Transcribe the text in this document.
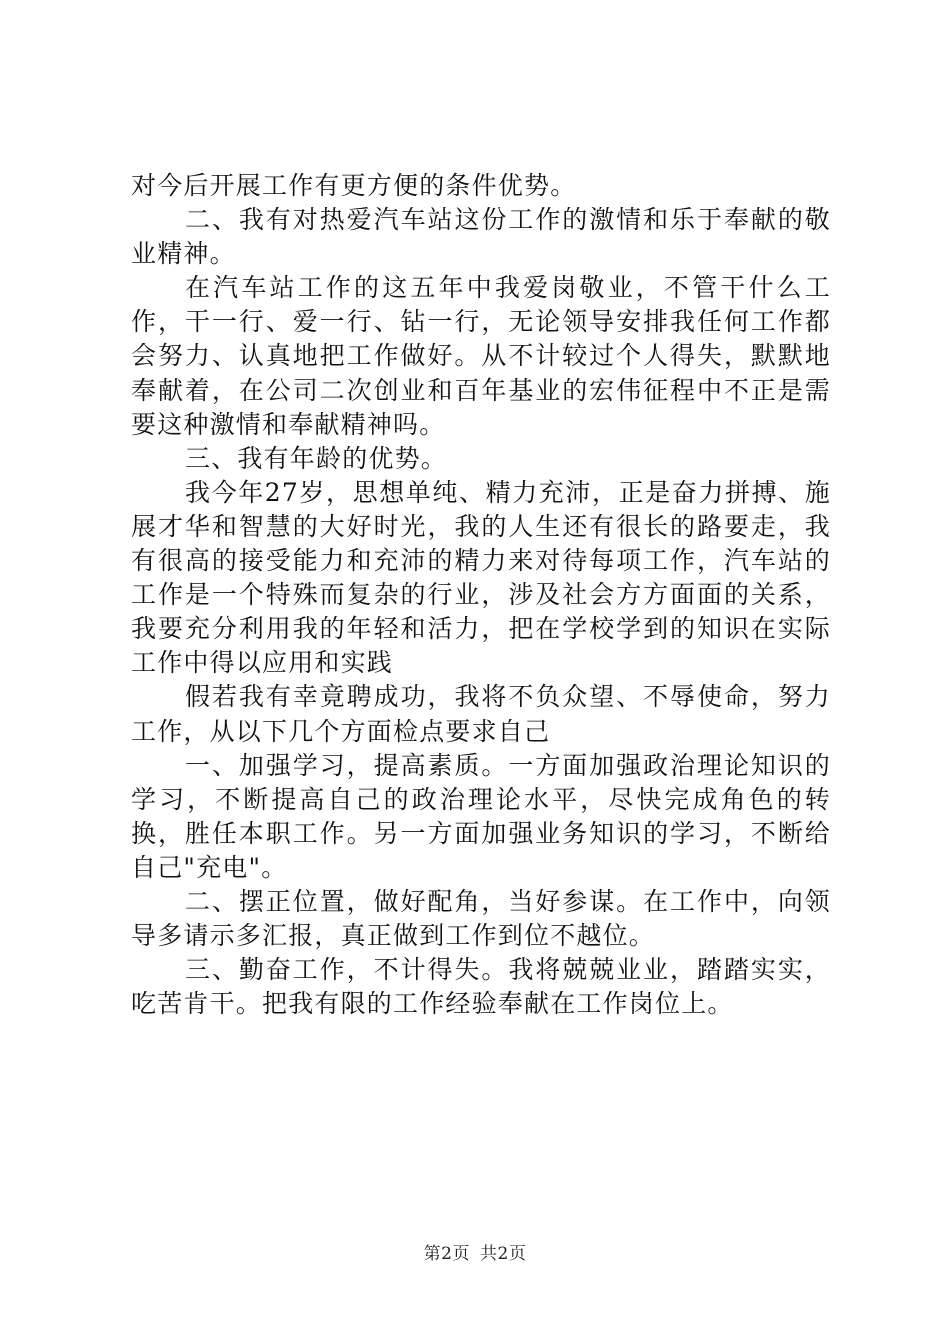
对今后开展工作有更方便的条件优势。

二、我有对热爱汽车站这份工作的激情和乐于奉献的敬业精神。

在汽车站工作的这五年中我爱岗敬业，不管干什么工作，干一行、爱一行、钻一行，无论领导安排我任何工作都会努力、认真地把工作做好。从不计较过个人得失，默默地奉献着，在公司二次创业和百年基业的宏伟征程中不正是需要这种激情和奉献精神吗。

三、我有年龄的优势。

我今年27岁，思想单纯、精力充沛，正是奋力拼搏、施展才华和智慧的大好时光，我的人生还有很长的路要走，我有很高的接受能力和充沛的精力来对待每项工作，汽车站的工作是一个特殊而复杂的行业，涉及社会方方面面的关系，我要充分利用我的年轻和活力，把在学校学到的知识在实际工作中得以应用和实践

假若我有幸竟聘成功，我将不负众望、不辱使命，努力工作，从以下几个方面检点要求自己

一、加强学习，提高素质。一方面加强政治理论知识的学习，不断提高自己的政治理论水平，尽快完成角色的转换，胜任本职工作。另一方面加强业务知识的学习，不断给自己"充电"。

二、摆正位置，做好配角，当好参谋。在工作中，向领导多请示多汇报，真正做到工作到位不越位。

三、勤奋工作，不计得失。我将兢兢业业，踏踏实实，吃苦肯干。把我有限的工作经验奉献在工作岗位上。

第2页 共2页
